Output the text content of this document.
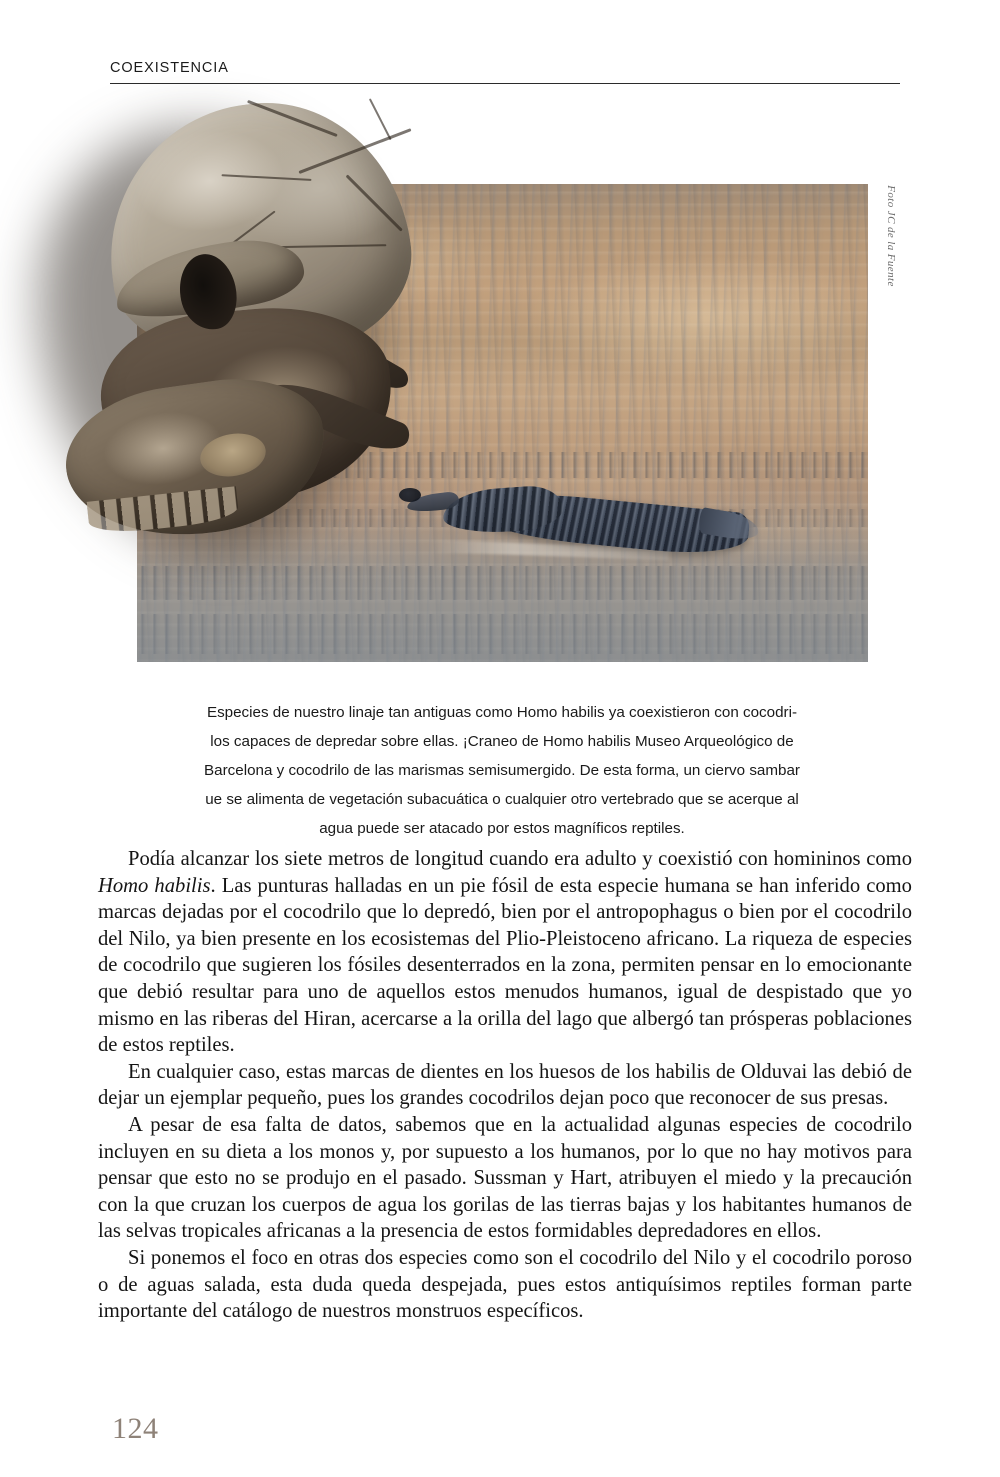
COEXISTENCIA
Foto JC de la Fuente
Especies de nuestro linaje tan antiguas como Homo habilis ya coexistieron con cocodri-
los capaces de depredar sobre ellas. ¡Craneo de Homo habilis Museo Arqueológico de
Barcelona y cocodrilo de las marismas semisumergido. De esta forma, un ciervo sambar
ue se alimenta de vegetación subacuática o cualquier otro vertebrado que se acerque al
agua puede ser atacado por estos magníficos reptiles.

Podía alcanzar los siete metros de longitud cuando era adulto y coexistió con homininos como Homo habilis. Las punturas halladas en un pie fósil de esta especie humana se han inferido como marcas dejadas por el cocodrilo que lo depredó, bien por el antropophagus o bien por el cocodrilo del Nilo, ya bien presente en los ecosistemas del Plio-Pleistoceno africano. La riqueza de especies de cocodrilo que sugieren los fósiles desenterrados en la zona, permiten pensar en lo emocionante que debió resultar para uno de aquellos estos menudos humanos, igual de despistado que yo mismo en las riberas del Hiran, acercarse a la orilla del lago que albergó tan prósperas poblaciones de estos reptiles.

En cualquier caso, estas marcas de dientes en los huesos de los habilis de Olduvai las debió de dejar un ejemplar pequeño, pues los grandes cocodrilos dejan poco que reconocer de sus presas.

A pesar de esa falta de datos, sabemos que en la actualidad algunas especies de cocodrilo incluyen en su dieta a los monos y, por supuesto a los humanos, por lo que no hay motivos para pensar que esto no se produjo en el pasado. Sussman y Hart, atribuyen el miedo y la precaución con la que cruzan los cuerpos de agua los gorilas de las tierras bajas y los habitantes humanos de las selvas tropicales africanas a la presencia de estos formidables depredadores en ellos.

Si ponemos el foco en otras dos especies como son el cocodrilo del Nilo y el cocodrilo poroso o de aguas salada, esta duda queda despejada, pues estos antiquísimos reptiles forman parte importante del catálogo de nuestros monstruos específicos.

124
